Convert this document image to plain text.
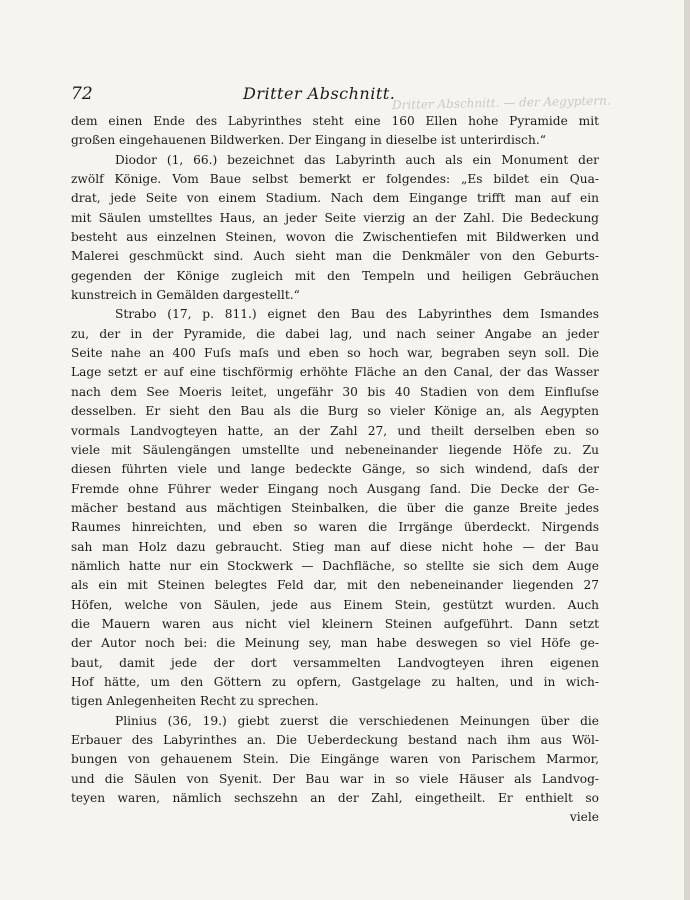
Dritter Abschnitt. — der Aegyptern.
72	Dritter Abschnitt.
dem einen Ende des Labyrinthes steht eine 160 Ellen hohe Pyramide mit
großen eingehauenen Bildwerken. Der Eingang in dieselbe ist unterirdisch.“
Diodor (1, 66.) bezeichnet das Labyrinth auch als ein Monument der
zwölf Könige. Vom Baue selbst bemerkt er folgendes: „Es bildet ein Qua-
drat, jede Seite von einem Stadium. Nach dem Eingange trifft man auf ein
mit Säulen umstelltes Haus, an jeder Seite vierzig an der Zahl. Die Bedeckung
besteht aus einzelnen Steinen, wovon die Zwischentiefen mit Bildwerken und
Malerei geschmückt sind. Auch sieht man die Denkmäler von den Geburts-
gegenden der Könige zugleich mit den Tempeln und heiligen Gebräuchen
kunstreich in Gemälden dargestellt.“
Strabo (17, p. 811.) eignet den Bau des Labyrinthes dem Ismandes
zu, der in der Pyramide, die dabei lag, und nach seiner Angabe an jeder
Seite nahe an 400 Fuſs maſs und eben so hoch war, begraben seyn soll. Die
Lage setzt er auf eine tischförmig erhöhte Fläche an den Canal, der das Wasser
nach dem See Moeris leitet, ungefähr 30 bis 40 Stadien von dem Einfluſse
desselben. Er sieht den Bau als die Burg so vieler Könige an, als Aegypten
vormals Landvogteyen hatte, an der Zahl 27, und theilt derselben eben so
viele mit Säulengängen umstellte und nebeneinander liegende Höfe zu. Zu
diesen führten viele und lange bedeckte Gänge, so sich windend, daſs der
Fremde ohne Führer weder Eingang noch Ausgang ſand. Die Decke der Ge-
mächer bestand aus mächtigen Steinbalken, die über die ganze Breite jedes
Raumes hinreichten, und eben so waren die Irrgänge überdeckt. Nirgends
sah man Holz dazu gebraucht. Stieg man auf diese nicht hohe — der Bau
nämlich hatte nur ein Stockwerk — Dachfläche, so stellte sie sich dem Auge
als ein mit Steinen belegtes Feld dar, mit den nebeneinander liegenden 27
Höfen, welche von Säulen, jede aus Einem Stein, gestützt wurden. Auch
die Mauern waren aus nicht viel kleinern Steinen aufgeführt. Dann setzt
der Autor noch bei: die Meinung sey, man habe deswegen so viel Höfe ge-
baut, damit jede der dort versammelten Landvogteyen ihren eigenen
Hof hätte, um den Göttern zu opfern, Gastgelage zu halten, und in wich-
tigen Anlegenheiten Recht zu sprechen.
Plinius (36, 19.) giebt zuerst die verschiedenen Meinungen über die
Erbauer des Labyrinthes an. Die Ueberdeckung bestand nach ihm aus Wöl-
bungen von gehauenem Stein. Die Eingänge waren von Parischem Marmor,
und die Säulen von Syenit. Der Bau war in so viele Häuser als Landvog-
teyen waren, nämlich sechszehn an der Zahl, eingetheilt. Er enthielt so
viele
